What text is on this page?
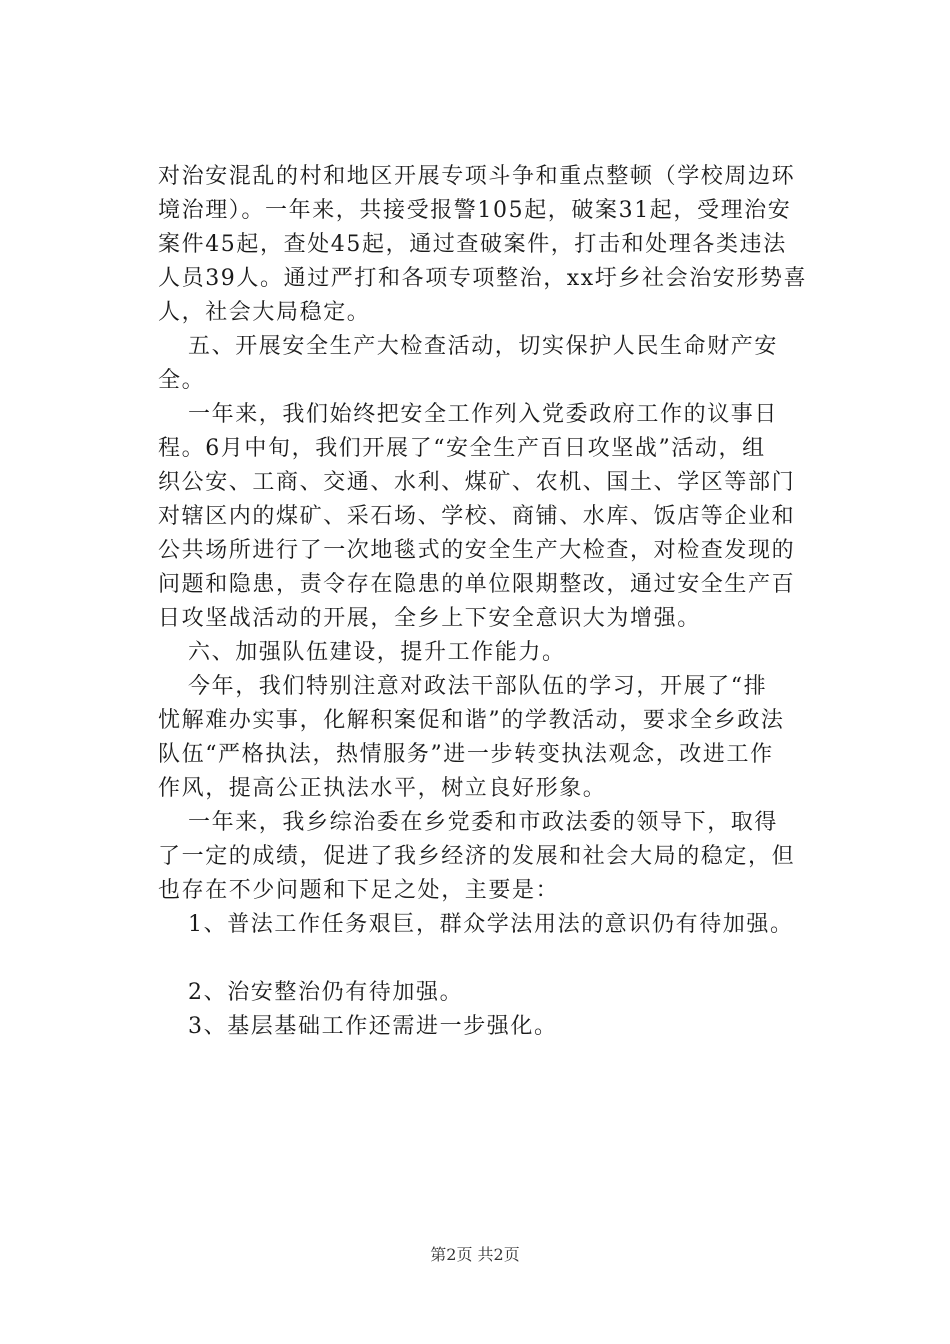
对治安混乱的村和地区开展专项斗争和重点整顿（学校周边环
境治理）。一年来，共接受报警105起，破案31起，受理治安
案件45起，查处45起，通过查破案件，打击和处理各类违法
人员39人。通过严打和各项专项整治，xx圩乡社会治安形势喜
人，社会大局稳定。
五、开展安全生产大检查活动，切实保护人民生命财产安
全。
一年来，我们始终把安全工作列入党委政府工作的议事日
程。6月中旬，我们开展了“安全生产百日攻坚战”活动，组
织公安、工商、交通、水利、煤矿、农机、国土、学区等部门
对辖区内的煤矿、采石场、学校、商铺、水库、饭店等企业和
公共场所进行了一次地毯式的安全生产大检查，对检查发现的
问题和隐患，责令存在隐患的单位限期整改，通过安全生产百
日攻坚战活动的开展，全乡上下安全意识大为增强。
六、加强队伍建设，提升工作能力。
今年，我们特别注意对政法干部队伍的学习，开展了“排
忧解难办实事，化解积案促和谐”的学教活动，要求全乡政法
队伍“严格执法，热情服务”进一步转变执法观念，改进工作
作风，提高公正执法水平，树立良好形象。
一年来，我乡综治委在乡党委和市政法委的领导下，取得
了一定的成绩，促进了我乡经济的发展和社会大局的稳定，但
也存在不少问题和下足之处，主要是：
1、普法工作任务艰巨，群众学法用法的意识仍有待加强。
2、治安整治仍有待加强。
3、基层基础工作还需进一步强化。
第2页 共2页
